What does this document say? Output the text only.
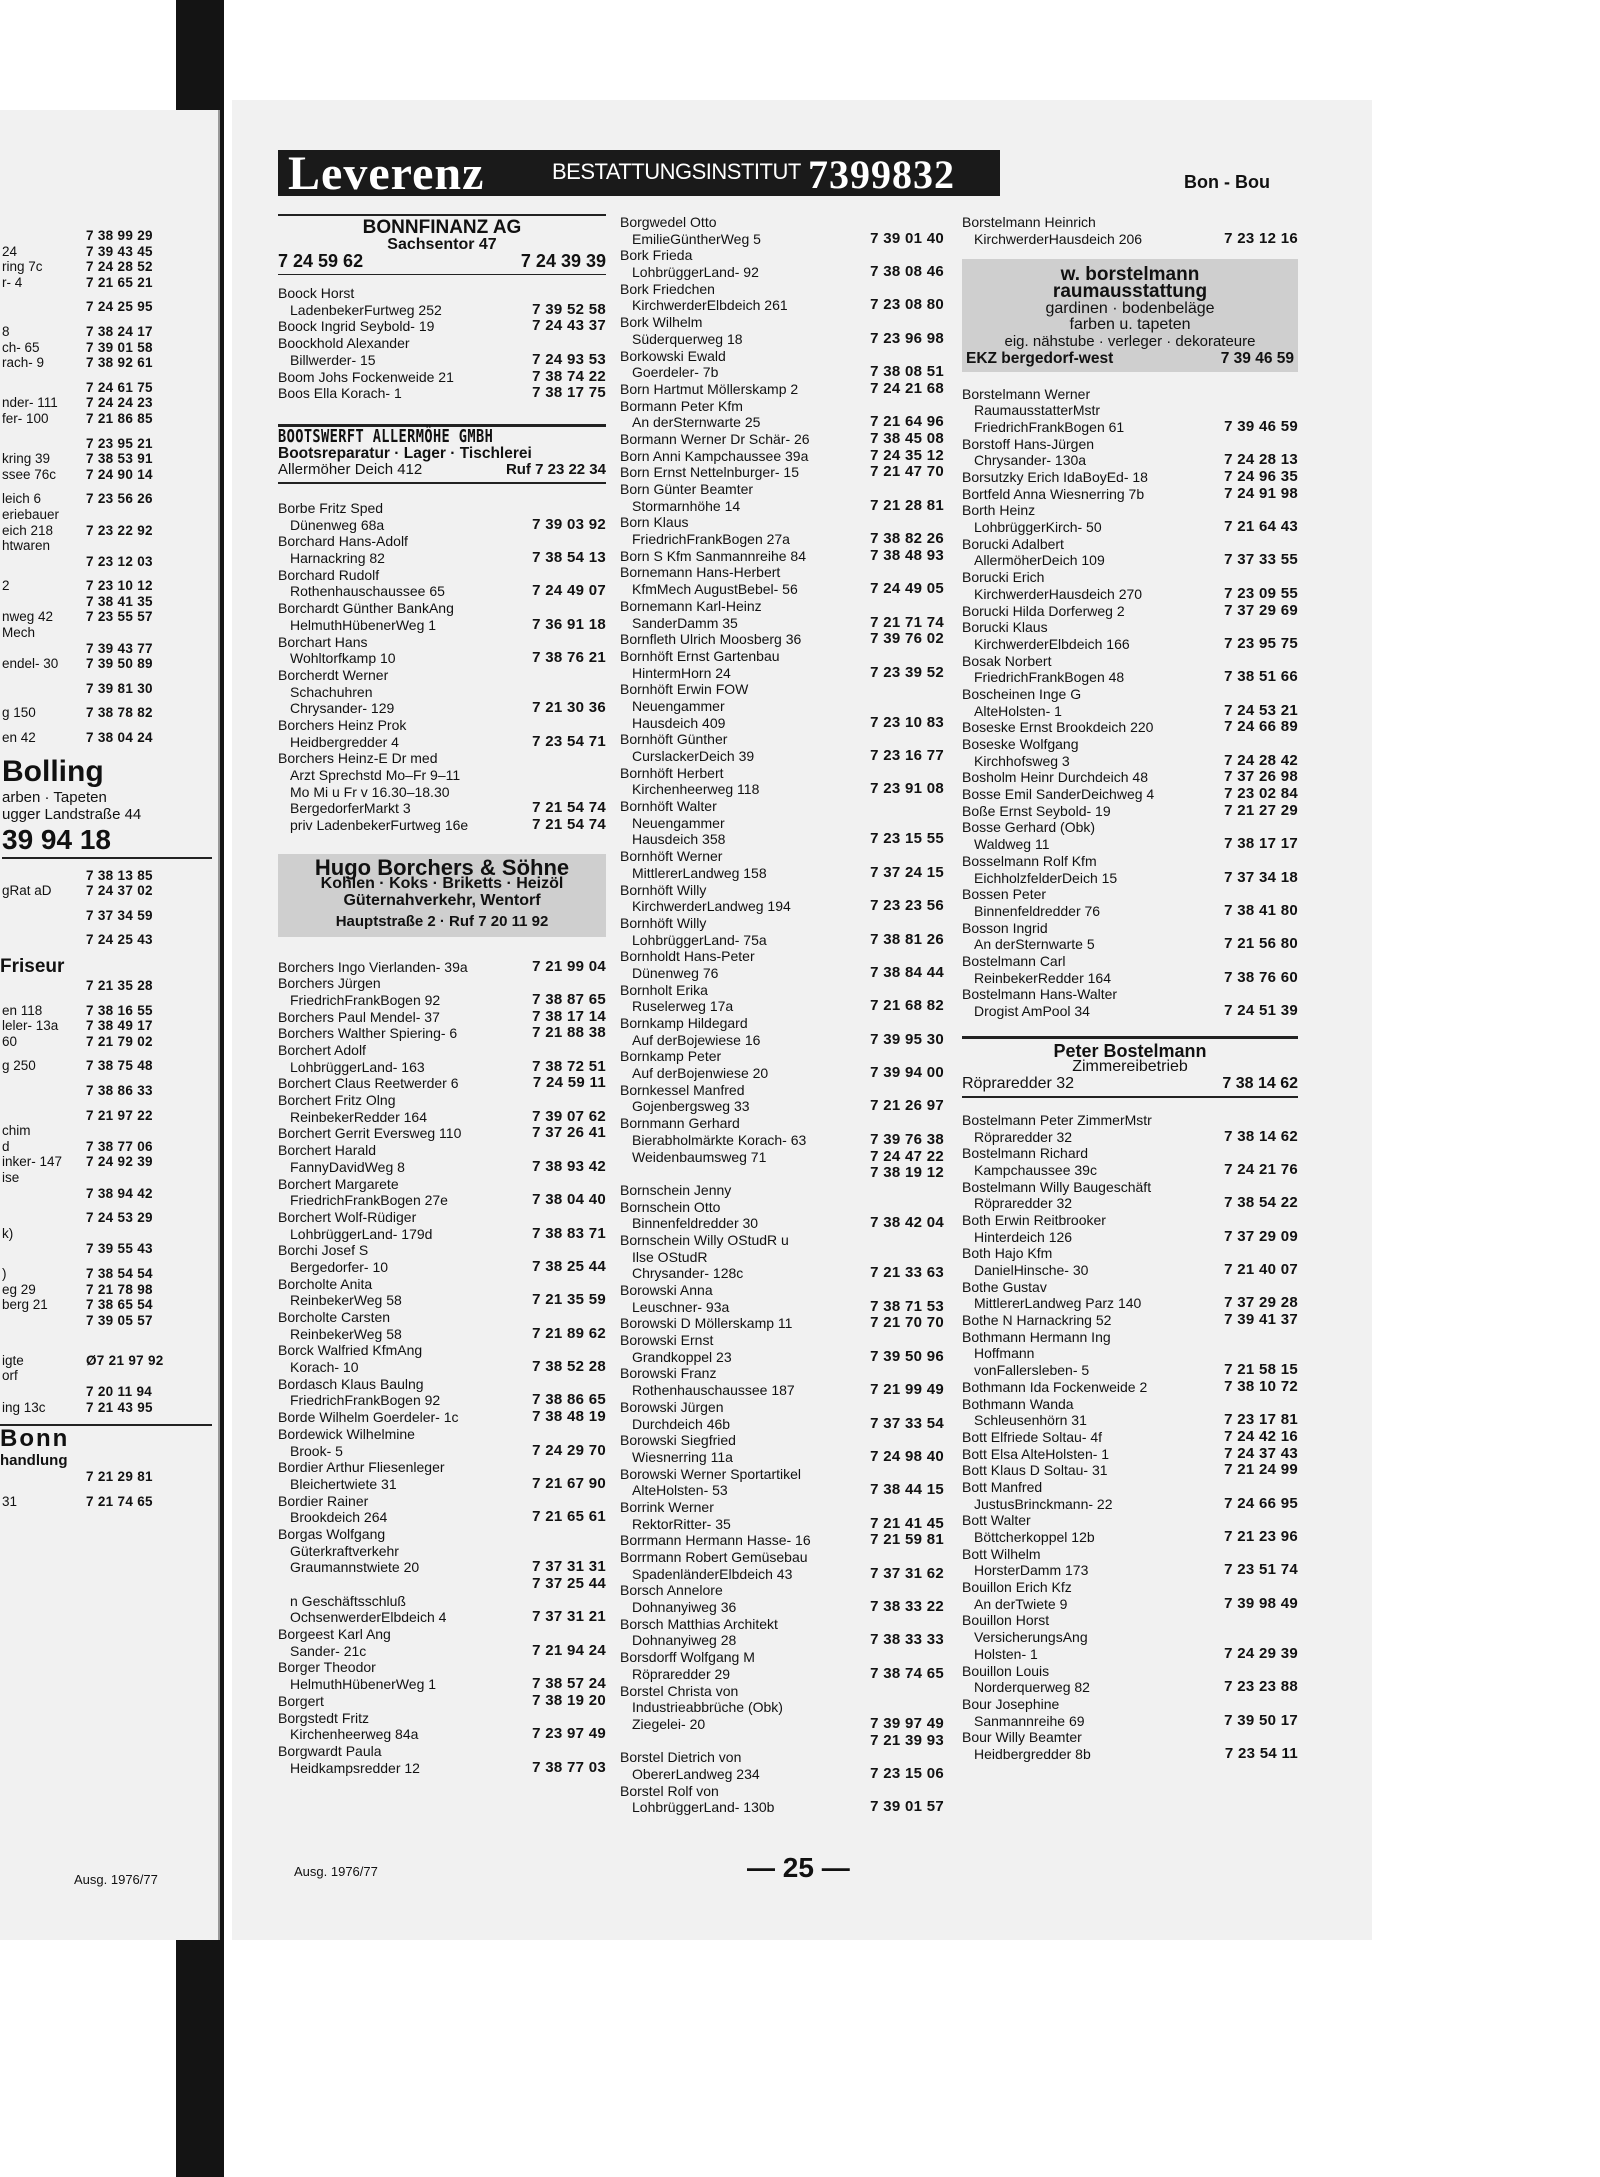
7 38 99 29
24	7 39 43 45
ring 7c	7 24 28 52
r- 4	7 21 65 21
7 24 25 95
8	7 38 24 17
ch- 65	7 39 01 58
rach- 9	7 38 92 61
7 24 61 75
nder- 111 7 24 24 23
fer- 100	7 21 86 85
7 23 95 21
kring 39	7 38 53 91
ssee 76c 7 24 90 14
leich 6	7 23 56 26
eriebauer
eich 218 7 23 22 92
htwaren
7 23 12 03
2	7 23 10 12
7 38 41 35
nweg 42 7 23 55 57
Mech
7 39 43 77
endel- 30 7 39 50 89
7 39 81 30
g 150	7 38 78 82
en 42	7 38 04 24
Bolling
arben · Tapeten
ugger Landstraße 44
39 94 18
7 38 13 85
gRat aD	7 24 37 02
7 37 34 59
7 24 25 43
Friseur
7 21 35 28
en 118	7 38 16 55
leler- 13a 7 38 49 17
60	7 21 79 02
g 250	7 38 75 48
7 38 86 33
7 21 97 22
chim
d	7 38 77 06
inker- 147 7 24 92 39
ise
7 38 94 42
7 24 53 29
k)
7 39 55 43
)	7 38 54 54
eg 29	7 21 78 98
berg 21	7 38 65 54
7 39 05 57
igte	Ø7 21 97 92
orf
7 20 11 94
ing 13c	7 21 43 95
Bonn
handlung
7 21 29 81
31	7 21 74 65
Ausg. 1976/77
Leverenz	BESTATTUNGSINSTITUT 7399832	Bon - Bou
BONNFINANZ AG
Sachsentor 47
7 24 59 62	7 24 39 39
Boock Horst
LadenbekerFurtweg 252	7 39 52 58
Boock Ingrid Seybold- 19	7 24 43 37
Boockhold Alexander
Billwerder- 15	7 24 93 53
Boom Johs Fockenweide 21	7 38 74 22
Boos Ella Korach- 1	7 38 17 75
BOOTSWERFT ALLERMÖHE GMBH
Bootsreparatur · Lager · Tischlerei
Allermöher Deich 412	Ruf 7 23 22 34
Borbe Fritz Sped
Dünenweg 68a	7 39 03 92
Borchard Hans-Adolf
Harnackring 82	7 38 54 13
Borchard Rudolf
Rothenhauschaussee 65	7 24 49 07
Borchardt Günther BankAng
HelmuthHübenerWeg 1	7 36 91 18
Borchart Hans
Wohltorfkamp 10	7 38 76 21
Borcherdt Werner
Schachuhren
Chrysander- 129	7 21 30 36
Borchers Heinz Prok
Heidbergredder 4	7 23 54 71
Borchers Heinz-E Dr med
Arzt Sprechstd Mo–Fr 9–11
Mo Mi u Fr v 16.30–18.30
BergedorferMarkt 3	7 21 54 74
priv LadenbekerFurtweg 16e	7 21 54 74
Hugo Borchers & Söhne
Kohlen · Koks · Briketts · Heizöl
Güternahverkehr, Wentorf
Hauptstraße 2 · Ruf 7 20 11 92
Borchers Ingo Vierlanden- 39a	7 21 99 04
Borchers Jürgen
FriedrichFrankBogen 92	7 38 87 65
Borchers Paul Mendel- 37	7 38 17 14
Borchers Walther Spiering- 6	7 21 88 38
Borchert Adolf
LohbrüggerLand- 163	7 38 72 51
Borchert Claus Reetwerder 6	7 24 59 11
Borchert Fritz Olng
ReinbekerRedder 164	7 39 07 62
Borchert Gerrit Eversweg 110	7 37 26 41
Borchert Harald
FannyDavidWeg 8	7 38 93 42
Borchert Margarete
FriedrichFrankBogen 27e	7 38 04 40
Borchert Wolf-Rüdiger
LohbrüggerLand- 179d	7 38 83 71
Borchi Josef S
Bergedorfer- 10	7 38 25 44
Borcholte Anita
ReinbekerWeg 58	7 21 35 59
Borcholte Carsten
ReinbekerWeg 58	7 21 89 62
Borck Walfried KfmAng
Korach- 10	7 38 52 28
Bordasch Klaus Baulng
FriedrichFrankBogen 92	7 38 86 65
Borde Wilhelm Goerdeler- 1c	7 38 48 19
Bordewick Wilhelmine
Brook- 5	7 24 29 70
Bordier Arthur Fliesenleger
Bleichertwiete 31	7 21 67 90
Bordier Rainer
Brookdeich 264	7 21 65 61
Borgas Wolfgang
Güterkraftverkehr
Graumannstwiete 20	7 37 31 31
7 37 25 44
n Geschäftsschluß
OchsenwerderElbdeich 4	7 37 31 21
Borgeest Karl Ang
Sander- 21c	7 21 94 24
Borger Theodor
HelmuthHübenerWeg 1	7 38 57 24
Borgert	7 38 19 20
Borgstedt Fritz
Kirchenheerweg 84a	7 23 97 49
Borgwardt Paula
Heidkampsredder 12	7 38 77 03
Borgwedel Otto
EmilieGüntherWeg 5	7 39 01 40
Bork Frieda
LohbrüggerLand- 92	7 38 08 46
Bork Friedchen
KirchwerderElbdeich 261	7 23 08 80
Bork Wilhelm
Süderquerweg 18	7 23 96 98
Borkowski Ewald
Goerdeler- 7b	7 38 08 51
Born Hartmut Möllerskamp 2	7 24 21 68
Bormann Peter Kfm
An derSternwarte 25	7 21 64 96
Bormann Werner Dr Schär- 26	7 38 45 08
Born Anni Kampchaussee 39a	7 24 35 12
Born Ernst Nettelnburger- 15	7 21 47 70
Born Günter Beamter
Stormarnhöhe 14	7 21 28 81
Born Klaus
FriedrichFrankBogen 27a	7 38 82 26
Born S Kfm Sanmannreihe 84	7 38 48 93
Bornemann Hans-Herbert
KfmMech AugustBebel- 56	7 24 49 05
Bornemann Karl-Heinz
SanderDamm 35	7 21 71 74
Bornfleth Ulrich Moosberg 36	7 39 76 02
Bornhöft Ernst Gartenbau
HintermHorn 24	7 23 39 52
Bornhöft Erwin FOW
Neuengammer
Hausdeich 409	7 23 10 83
Bornhöft Günther
CurslackerDeich 39	7 23 16 77
Bornhöft Herbert
Kirchenheerweg 118	7 23 91 08
Bornhöft Walter
Neuengammer
Hausdeich 358	7 23 15 55
Bornhöft Werner
MittlererLandweg 158	7 37 24 15
Bornhöft Willy
KirchwerderLandweg 194	7 23 23 56
Bornhöft Willy
LohbrüggerLand- 75a	7 38 81 26
Bornholdt Hans-Peter
Dünenweg 76	7 38 84 44
Bornholt Erika
Ruselerweg 17a	7 21 68 82
Bornkamp Hildegard
Auf derBojewiese 16	7 39 95 30
Bornkamp Peter
Auf derBojenwiese 20	7 39 94 00
Bornkessel Manfred
Gojenbergsweg 33	7 21 26 97
Bornmann Gerhard
Bierabholmärkte Korach- 63	7 39 76 38
Weidenbaumsweg 71	7 24 47 22
7 38 19 12
Bornschein Jenny
Bornschein Otto
Binnenfeldredder 30	7 38 42 04
Bornschein Willy OStudR u
Ilse OStudR
Chrysander- 128c	7 21 33 63
Borowski Anna
Leuschner- 93a	7 38 71 53
Borowski D Möllerskamp 11	7 21 70 70
Borowski Ernst
Grandkoppel 23	7 39 50 96
Borowski Franz
Rothenhauschaussee 187	7 21 99 49
Borowski Jürgen
Durchdeich 46b	7 37 33 54
Borowski Siegfried
Wiesnerring 11a	7 24 98 40
Borowski Werner Sportartikel
AlteHolsten- 53	7 38 44 15
Borrink Werner
RektorRitter- 35	7 21 41 45
Borrmann Hermann Hasse- 16	7 21 59 81
Borrmann Robert Gemüsebau
SpadenländerElbdeich 43	7 37 31 62
Borsch Annelore
Dohnanyiweg 36	7 38 33 22
Borsch Matthias Architekt
Dohnanyiweg 28	7 38 33 33
Borsdorff Wolfgang M
Röpraredder 29	7 38 74 65
Borstel Christa von
Industrieabbrüche (Obk)
Ziegelei- 20	7 39 97 49
7 21 39 93
Borstel Dietrich von
ObererLandweg 234	7 23 15 06
Borstel Rolf von
LohbrüggerLand- 130b	7 39 01 57
Borstelmann Heinrich
KirchwerderHausdeich 206	7 23 12 16
w. borstelmann
raumausstattung
gardinen · bodenbeläge
farben u. tapeten
eig. nähstube · verleger · dekorateure
EKZ bergedorf-west	7 39 46 59
Borstelmann Werner
RaumausstatterMstr
FriedrichFrankBogen 61	7 39 46 59
Borstoff Hans-Jürgen
Chrysander- 130a	7 24 28 13
Borsutzky Erich IdaBoyEd- 18	7 24 96 35
Bortfeld Anna Wiesnerring 7b	7 24 91 98
Borth Heinz
LohbrüggerKirch- 50	7 21 64 43
Borucki Adalbert
AllermöherDeich 109	7 37 33 55
Borucki Erich
KirchwerderHausdeich 270	7 23 09 55
Borucki Hilda Dorferweg 2	7 37 29 69
Borucki Klaus
KirchwerderElbdeich 166	7 23 95 75
Bosak Norbert
FriedrichFrankBogen 48	7 38 51 66
Boscheinen Inge G
AlteHolsten- 1	7 24 53 21
Boseske Ernst Brookdeich 220	7 24 66 89
Boseske Wolfgang
Kirchhofsweg 3	7 24 28 42
Bosholm Heinr Durchdeich 48	7 37 26 98
Bosse Emil SanderDeichweg 4	7 23 02 84
Boße Ernst Seybold- 19	7 21 27 29
Bosse Gerhard (Obk)
Waldweg 11	7 38 17 17
Bosselmann Rolf Kfm
EichholzfelderDeich 15	7 37 34 18
Bossen Peter
Binnenfeldredder 76	7 38 41 80
Bosson Ingrid
An derSternwarte 5	7 21 56 80
Bostelmann Carl
ReinbekerRedder 164	7 38 76 60
Bostelmann Hans-Walter
Drogist AmPool 34	7 24 51 39
Peter Bostelmann
Zimmereibetrieb
Röpraredder 32	7 38 14 62
Bostelmann Peter ZimmerMstr
Röpraredder 32	7 38 14 62
Bostelmann Richard
Kampchaussee 39c	7 24 21 76
Bostelmann Willy Baugeschäft
Röpraredder 32	7 38 54 22
Both Erwin Reitbrooker
Hinterdeich 126	7 37 29 09
Both Hajo Kfm
DanielHinsche- 30	7 21 40 07
Bothe Gustav
MittlererLandweg Parz 140	7 37 29 28
Bothe N Harnackring 52	7 39 41 37
Bothmann Hermann Ing
Hoffmann
vonFallersleben- 5	7 21 58 15
Bothmann Ida Fockenweide 2	7 38 10 72
Bothmann Wanda
Schleusenhörn 31	7 23 17 81
Bott Elfriede Soltau- 4f	7 24 42 16
Bott Elsa AlteHolsten- 1	7 24 37 43
Bott Klaus D Soltau- 31	7 21 24 99
Bott Manfred
JustusBrinckmann- 22	7 24 66 95
Bott Walter
Böttcherkoppel 12b	7 21 23 96
Bott Wilhelm
HorsterDamm 173	7 23 51 74
Bouillon Erich Kfz
An derTwiete 9	7 39 98 49
Bouillon Horst
VersicherungsAng
Holsten- 1	7 24 29 39
Bouillon Louis
Norderquerweg 82	7 23 23 88
Bour Josephine
Sanmannreihe 69	7 39 50 17
Bour Willy Beamter
Heidbergredder 8b	7 23 54 11
Ausg. 1976/77	— 25 —
